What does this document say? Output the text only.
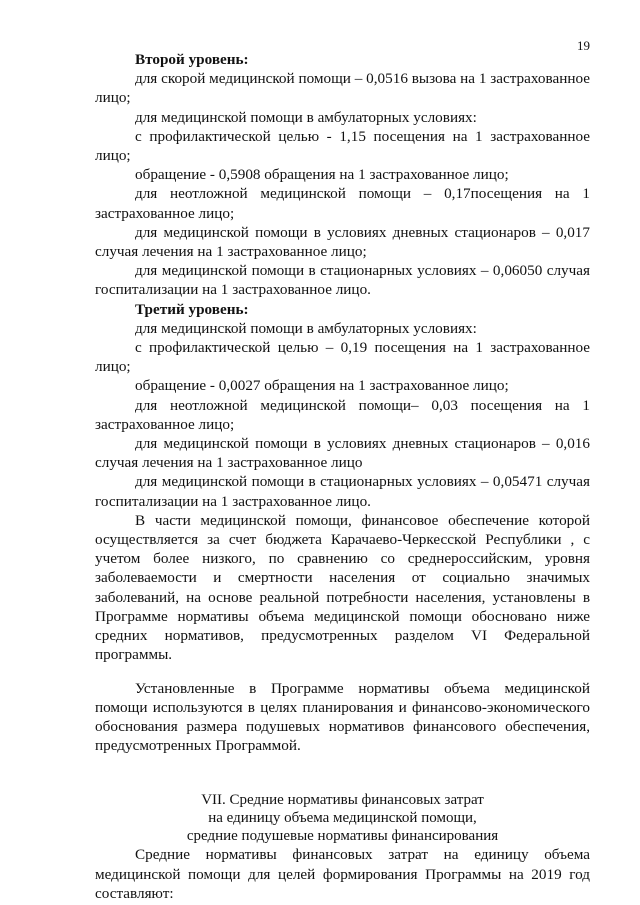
19

Второй уровень:

для скорой медицинской помощи – 0,0516 вызова на 1 застрахованное лицо;

для медицинской помощи в амбулаторных условиях:

с профилактической целью - 1,15 посещения на 1 застрахованное лицо;

обращение - 0,5908 обращения на 1 застрахованное лицо;

для неотложной медицинской помощи – 0,17посещения на 1 застрахованное лицо;

для медицинской помощи в условиях дневных стационаров – 0,017 случая лечения на 1 застрахованное лицо;

для медицинской помощи в стационарных условиях – 0,06050 случая госпитализации на 1 застрахованное лицо.

Третий уровень:

для медицинской помощи в амбулаторных условиях:

с профилактической целью – 0,19 посещения на 1 застрахованное лицо;

обращение - 0,0027 обращения на 1 застрахованное лицо;

для неотложной медицинской помощи– 0,03 посещения на 1 застрахованное лицо;

для медицинской помощи в условиях дневных стационаров – 0,016 случая лечения на 1 застрахованное лицо

для медицинской помощи в стационарных условиях – 0,05471 случая госпитализации на 1 застрахованное лицо.

В части медицинской помощи, финансовое обеспечение которой осуществляется за счет бюджета Карачаево-Черкесской Республики , с учетом более низкого, по сравнению со среднероссийским, уровня заболеваемости и смертности населения от социально значимых заболеваний, на основе реальной потребности населения, установлены в Программе нормативы объема медицинской помощи обосновано ниже средних нормативов, предусмотренных разделом VI Федеральной программы.

Установленные в Программе нормативы объема медицинской помощи используются в целях планирования и финансово-экономического обоснования размера подушевых нормативов финансового обеспечения, предусмотренных Программой.

VII. Средние нормативы финансовых затрат
на единицу объема медицинской помощи,
средние подушевые нормативы финансирования

Средние нормативы финансовых затрат на единицу объема медицинской помощи для целей формирования Программы на 2019 год составляют:
